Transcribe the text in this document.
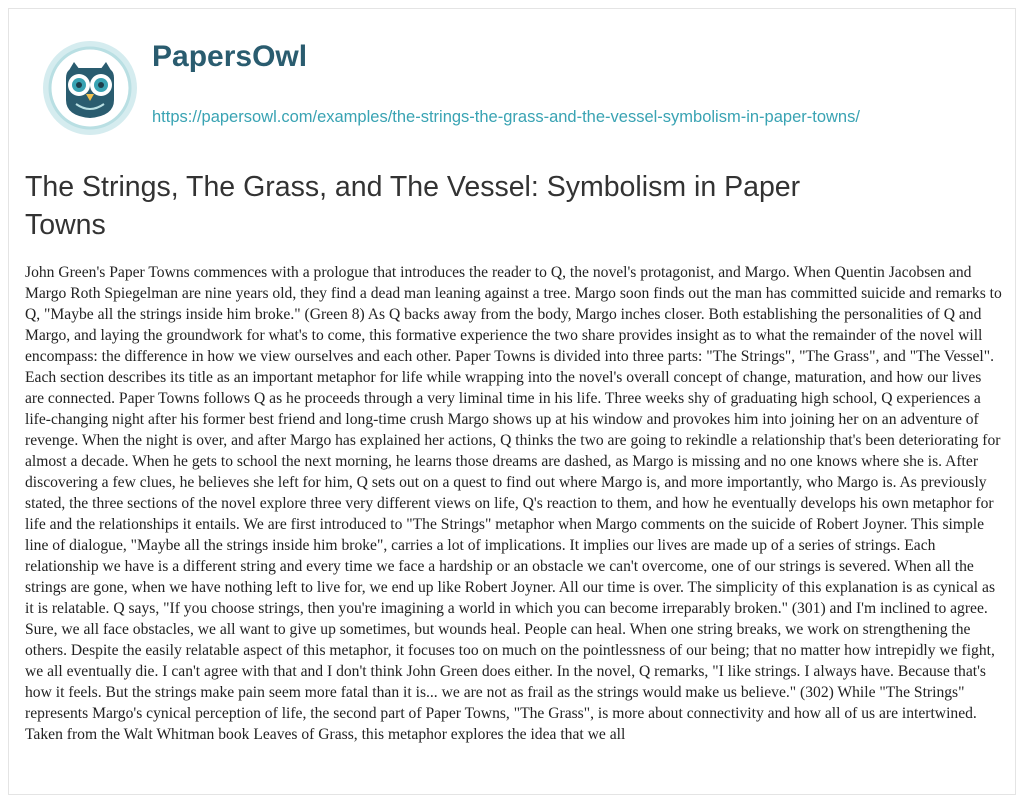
PapersOwl
https://papersowl.com/examples/the-strings-the-grass-and-the-vessel-symbolism-in-paper-towns/
The Strings, The Grass, and The Vessel: Symbolism in Paper Towns

John Green's Paper Towns commences with a prologue that introduces the reader to Q, the novel's protagonist, and Margo. When Quentin Jacobsen and Margo Roth Spiegelman are nine years old, they find a dead man leaning against a tree. Margo soon finds out the man has committed suicide and remarks to Q, "Maybe all the strings inside him broke." (Green 8) As Q backs away from the body, Margo inches closer. Both establishing the personalities of Q and Margo, and laying the groundwork for what's to come, this formative experience the two share provides insight as to what the remainder of the novel will encompass: the difference in how we view ourselves and each other. Paper Towns is divided into three parts: "The Strings", "The Grass", and "The Vessel". Each section describes its title as an important metaphor for life while wrapping into the novel's overall concept of change, maturation, and how our lives are connected. Paper Towns follows Q as he proceeds through a very liminal time in his life. Three weeks shy of graduating high school, Q experiences a life-changing night after his former best friend and long-time crush Margo shows up at his window and provokes him into joining her on an adventure of revenge. When the night is over, and after Margo has explained her actions, Q thinks the two are going to rekindle a relationship that's been deteriorating for almost a decade. When he gets to school the next morning, he learns those dreams are dashed, as Margo is missing and no one knows where she is. After discovering a few clues, he believes she left for him, Q sets out on a quest to find out where Margo is, and more importantly, who Margo is. As previously stated, the three sections of the novel explore three very different views on life, Q's reaction to them, and how he eventually develops his own metaphor for life and the relationships it entails. We are first introduced to "The Strings" metaphor when Margo comments on the suicide of Robert Joyner. This simple line of dialogue, "Maybe all the strings inside him broke", carries a lot of implications. It implies our lives are made up of a series of strings. Each relationship we have is a different string and every time we face a hardship or an obstacle we can't overcome, one of our strings is severed. When all the strings are gone, when we have nothing left to live for, we end up like Robert Joyner. All our time is over. The simplicity of this explanation is as cynical as it is relatable. Q says, "If you choose strings, then you're imagining a world in which you can become irreparably broken." (301) and I'm inclined to agree. Sure, we all face obstacles, we all want to give up sometimes, but wounds heal. People can heal. When one string breaks, we work on strengthening the others. Despite the easily relatable aspect of this metaphor, it focuses too on much on the pointlessness of our being; that no matter how intrepidly we fight, we all eventually die. I can't agree with that and I don't think John Green does either. In the novel, Q remarks, "I like strings. I always have. Because that's how it feels. But the strings make pain seem more fatal than it is... we are not as frail as the strings would make us believe." (302) While "The Strings" represents Margo's cynical perception of life, the second part of Paper Towns, "The Grass", is more about connectivity and how all of us are intertwined. Taken from the Walt Whitman book Leaves of Grass, this metaphor explores the idea that we all
